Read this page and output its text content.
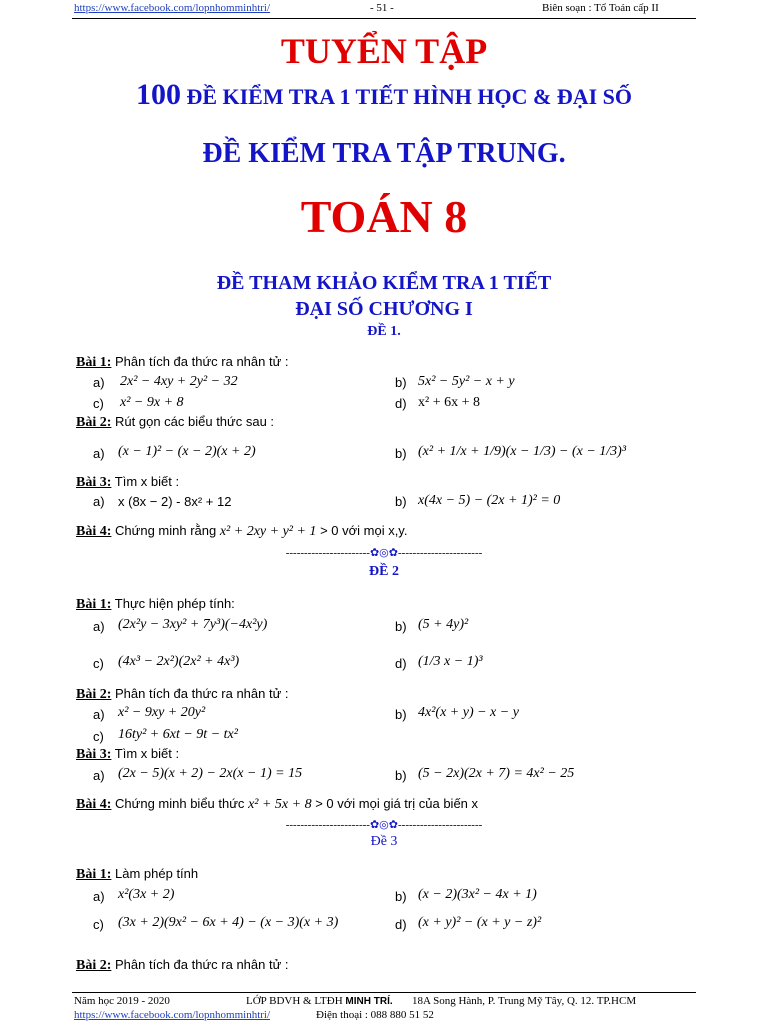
https://www.facebook.com/lopnhomminhtri/	- 51 -	Biên soạn : Tổ Toán cấp II
TUYỂN TẬP
100 ĐỀ KIỂM TRA 1 TIẾT HÌNH HỌC & ĐẠI SỐ
ĐỀ KIỂM TRA TẬP TRUNG.
TOÁN 8
ĐỀ THAM KHẢO KIỂM TRA 1 TIẾT
ĐẠI SỐ CHƯƠNG I
ĐỀ 1.
Bài 1: Phân tích đa thức ra nhân tử :
a) 2x² − 4xy + 2y² − 32	b) 5x² − 5y² − x + y
c) x² − 9x + 8	d) x² + 6x + 8
Bài 2: Rút gọn các biểu thức sau :
a) (x − 1)² − (x − 2)(x + 2)	b) (x² + 1/x + 1/9)(x − 1/3) − (x − 1/3)³
Bài 3: Tìm x biết :
a) x (8x − 2) - 8x² + 12	b) x(4x − 5) − (2x + 1)² = 0
Bài 4: Chứng minh rằng x² + 2xy + y² + 1 > 0 với mọi x,y.
-----------------------✿◎✿-----------------------
ĐỀ 2
Bài 1: Thực hiện phép tính:
a) (2x²y − 3xy² + 7y³)(−4x²y)	b) (5 + 4y)²
c) (4x³ − 2x²)(2x² + 4x³)	d) (1/3 x − 1)³
Bài 2: Phân tích đa thức ra nhân tử :
a) x² − 9xy + 20y²	b) 4x²(x + y) − x − y
c) 16ty² + 6xt − 9t − tx²
Bài 3: Tìm x biết :
a) (2x − 5)(x + 2) − 2x(x − 1) = 15	b) (5 − 2x)(2x + 7) = 4x² − 25
Bài 4: Chứng minh biểu thức x² + 5x + 8 > 0 với mọi giá trị của biến x
-----------------------✿◎✿-----------------------
Đề 3
Bài 1: Làm phép tính
a) x²(3x + 2)	b) (x − 2)(3x² − 4x + 1)
c) (3x + 2)(9x² − 6x + 4) − (x − 3)(x + 3)	d) (x + y)² − (x + y − z)²
Bài 2: Phân tích đa thức ra nhân tử :
Năm học 2019 - 2020	LỚP BDVH & LTĐH MINH TRÍ. 18A Song Hành, P. Trung Mỹ Tây, Q. 12. TP.HCM
https://www.facebook.com/lopnhomminhtri/	Điện thoại : 088 880 51 52
